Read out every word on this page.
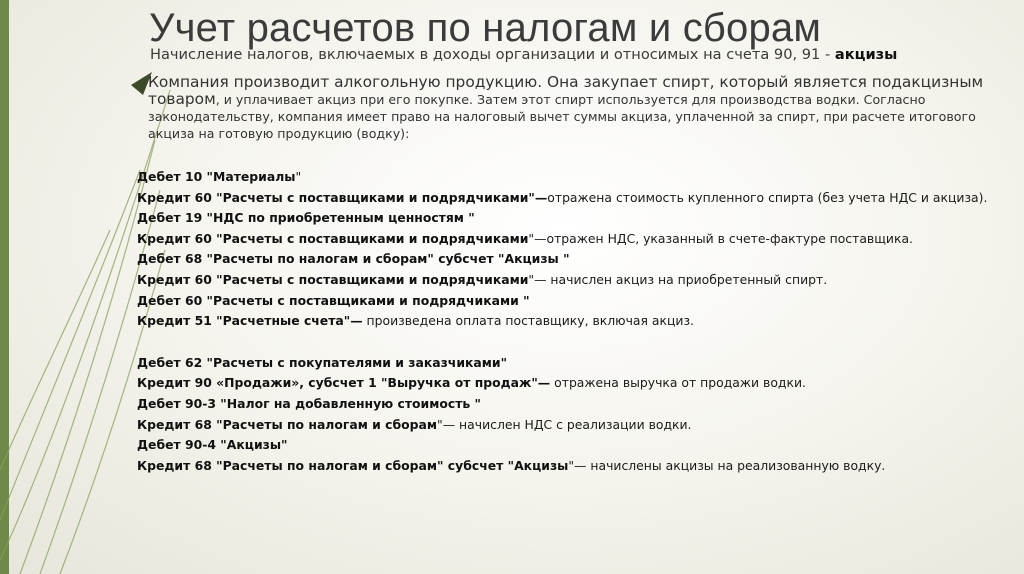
Учет расчетов по налогам и сборам

Начисление налогов, включаемых в доходы организации и относимых на счета 90, 91 - акцизы

Компания производит алкогольную продукцию. Она закупает спирт, который является подакцизным
товаром, и уплачивает акциз при его покупке. Затем этот спирт используется для производства водки. Согласно законодательству, компания имеет право на налоговый вычет суммы акциза, уплаченной за спирт, при расчете итогового акциза на готовую продукцию (водку):
Дебет 10 "Материалы"
Кредит 60 "Расчеты с поставщиками и подрядчиками"—отражена стоимость купленного спирта (без учета НДС и акциза).
Дебет 19 "НДС по приобретенным ценностям "
Кредит 60 "Расчеты с поставщиками и подрядчиками"—отражен НДС, указанный в счете-фактуре поставщика.
Дебет 68 "Расчеты по налогам и сборам" субсчет "Акцизы "
Кредит 60 "Расчеты с поставщиками и подрядчиками"— начислен акциз на приобретенный спирт.
Дебет 60 "Расчеты с поставщиками и подрядчиками "
Кредит 51 "Расчетные счета"— произведена оплата поставщику, включая акциз.
Дебет 62 "Расчеты с покупателями и заказчиками"
Кредит 90 «Продажи», субсчет 1 "Выручка от продаж"— отражена выручка от продажи водки.
Дебет 90-3 "Налог на добавленную стоимость "
Кредит 68 "Расчеты по налогам и сборам"— начислен НДС с реализации водки.
Дебет 90-4 "Акцизы"
Кредит 68 "Расчеты по налогам и сборам" субсчет "Акцизы"— начислены акцизы на реализованную водку.
